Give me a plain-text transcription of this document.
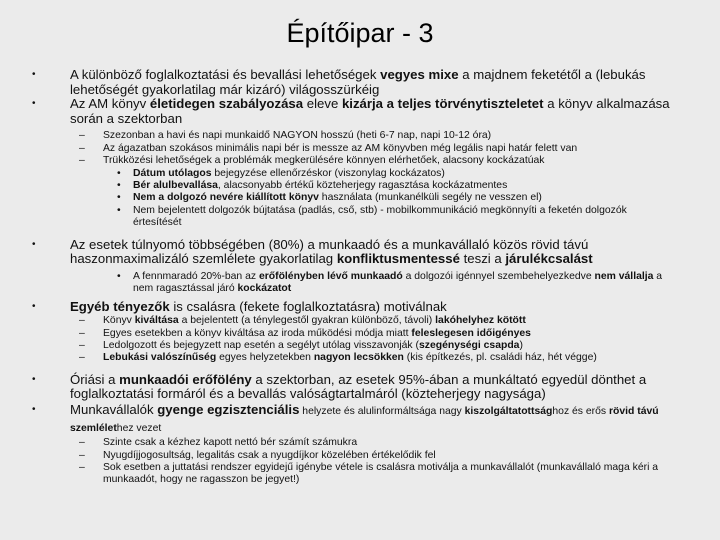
Építőipar - 3
• A különböző foglalkoztatási és bevallási lehetőségek vegyes mixe a majdnem feketétől a (lebukás lehetőségét gyakorlatilag már kizáró) világosszürkéig
• Az AM könyv életidegen szabályozása eleve kizárja a teljes törvénytiszteletet a könyv alkalmazása során a szektorban
– Szezonban a havi és napi munkaidő NAGYON hosszú (heti 6-7 nap, napi 10-12 óra)
– Az ágazatban szokásos minimális napi bér is messze az AM könyvben még legális napi határ felett van
– Trükközési lehetőségek a problémák megkerülésére könnyen elérhetőek, alacsony kockázatúak
• Dátum utólagos bejegyzése ellenőrzéskor (viszonylag kockázatos)
• Bér alulbevallása, alacsonyabb értékű közteherjegy ragasztása kockázatmentes
• Nem a dolgozó nevére kiállított könyv használata (munkanélküli segély ne vesszen el)
• Nem bejelentett dolgozók bújtatása (padlás, cső, stb) - mobilkommunikáció megkönnyíti a feketén dolgozók értesítését
• Az esetek túlnyomó többségében (80%) a munkaadó és a munkavállaló közös rövid távú haszonmaximalizáló szemlélete gyakorlatilag konfliktusmentessé teszi a járulékcsalást
• A fennmaradó 20%-ban az erőfölényben lévő munkaadó a dolgozói igénnyel szembehelyezkedve nem vállalja a nem ragasztással járó kockázatot
• Egyéb tényezők is csalásra (fekete foglalkoztatásra) motiválnak
– Könyv kiváltása a bejelentett (a ténylegestől gyakran különböző, távoli) lakóhelyhez kötött
– Egyes esetekben a könyv kiváltása az iroda működési módja miatt feleslegesen időigényes
– Ledolgozott és bejegyzett nap esetén a segélyt utólag visszavonják (szegénységi csapda)
– Lebukási valószínűség egyes helyzetekben nagyon lecsökken (kis építkezés, pl. családi ház, hét végge)
• Óriási a munkaadói erőfölény a szektorban, az esetek 95%-ában a munkáltató egyedül dönthet a foglalkoztatási formáról és a bevallás valóságtartalmáról (közteherjegy nagysága)
• Munkavállalók gyenge egzisztenciális helyzete és alulinformáltsága nagy kiszolgáltatottsághoz és erős rövid távú szemlélethez vezet
– Szinte csak a kézhez kapott nettó bér számít számukra
– Nyugdíjjogosultság, legalitás csak a nyugdíjkor közelében értékelődik fel
– Sok esetben a juttatási rendszer egyidejű igénybe vétele is csalásra motiválja a munkavállalót (munkavállaló maga kéri a munkaadót, hogy ne ragasszon be jegyet!)
